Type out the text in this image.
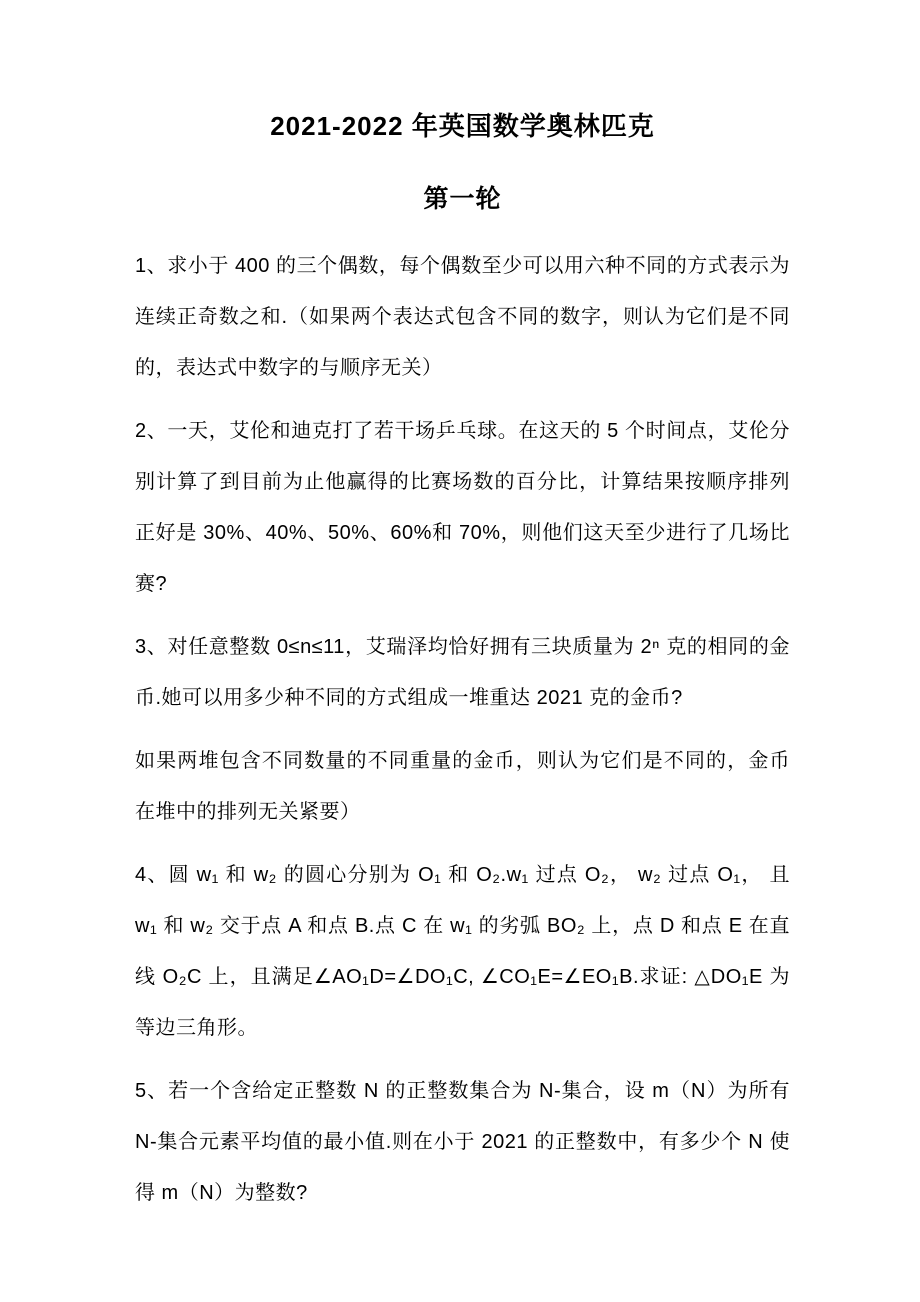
2021-2022 年英国数学奥林匹克
第一轮

1、求小于 400 的三个偶数，每个偶数至少可以用六种不同的方式表示为连续正奇数之和.（如果两个表达式包含不同的数字，则认为它们是不同的，表达式中数字的与顺序无关）

2、一天，艾伦和迪克打了若干场乒乓球。在这天的 5 个时间点，艾伦分别计算了到目前为止他赢得的比赛场数的百分比，计算结果按顺序排列正好是 30%、40%、50%、60%和 70%，则他们这天至少进行了几场比赛?

3、对任意整数 0≤n≤11，艾瑞泽均恰好拥有三块质量为 2ⁿ 克的相同的金币.她可以用多少种不同的方式组成一堆重达 2021 克的金币?

如果两堆包含不同数量的不同重量的金币，则认为它们是不同的，金币在堆中的排列无关紧要）

4、圆 w₁ 和 w₂ 的圆心分别为 O₁ 和 O₂.w₁ 过点 O₂， w₂ 过点 O₁， 且 w₁ 和 w₂ 交于点 A 和点 B.点 C 在 w₁ 的劣弧 BO₂ 上，点 D 和点 E 在直线 O₂C 上，且满足∠AO₁D=∠DO₁C, ∠CO₁E=∠EO₁B.求证: △DO₁E 为等边三角形。

5、若一个含给定正整数 N 的正整数集合为 N-集合，设 m（N）为所有 N-集合元素平均值的最小值.则在小于 2021 的正整数中，有多少个 N 使得 m（N）为整数?
